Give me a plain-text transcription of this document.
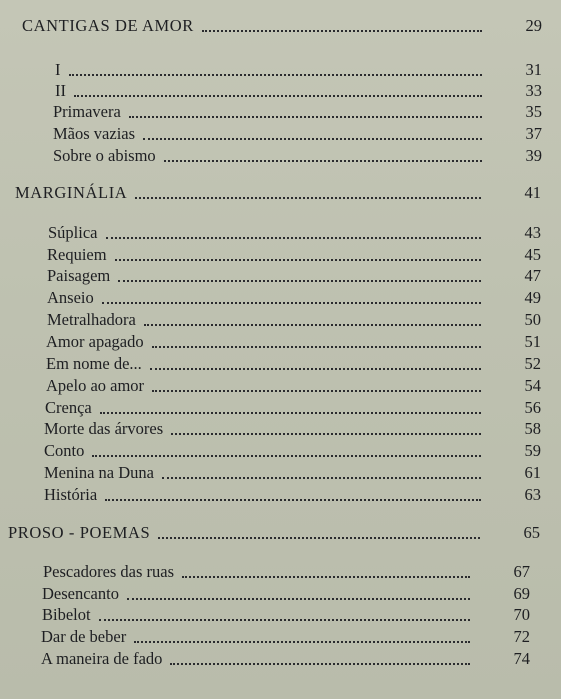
CANTIGAS DE AMOR	29
I	31
II	33
Primavera	35
Mãos vazias	37
Sobre o abismo	39
MARGINÁLIA	41
Súplica	43
Requiem	45
Paisagem	47
Anseio	49
Metralhadora	50
Amor apagado	51
Em nome de...	52
Apelo ao amor	54
Crença	56
Morte das árvores	58
Conto	59
Menina na Duna	61
História	63
PROSO - POEMAS	65
Pescadores das ruas	67
Desencanto	69
Bibelot	70
Dar de beber	72
A maneira de fado	74
